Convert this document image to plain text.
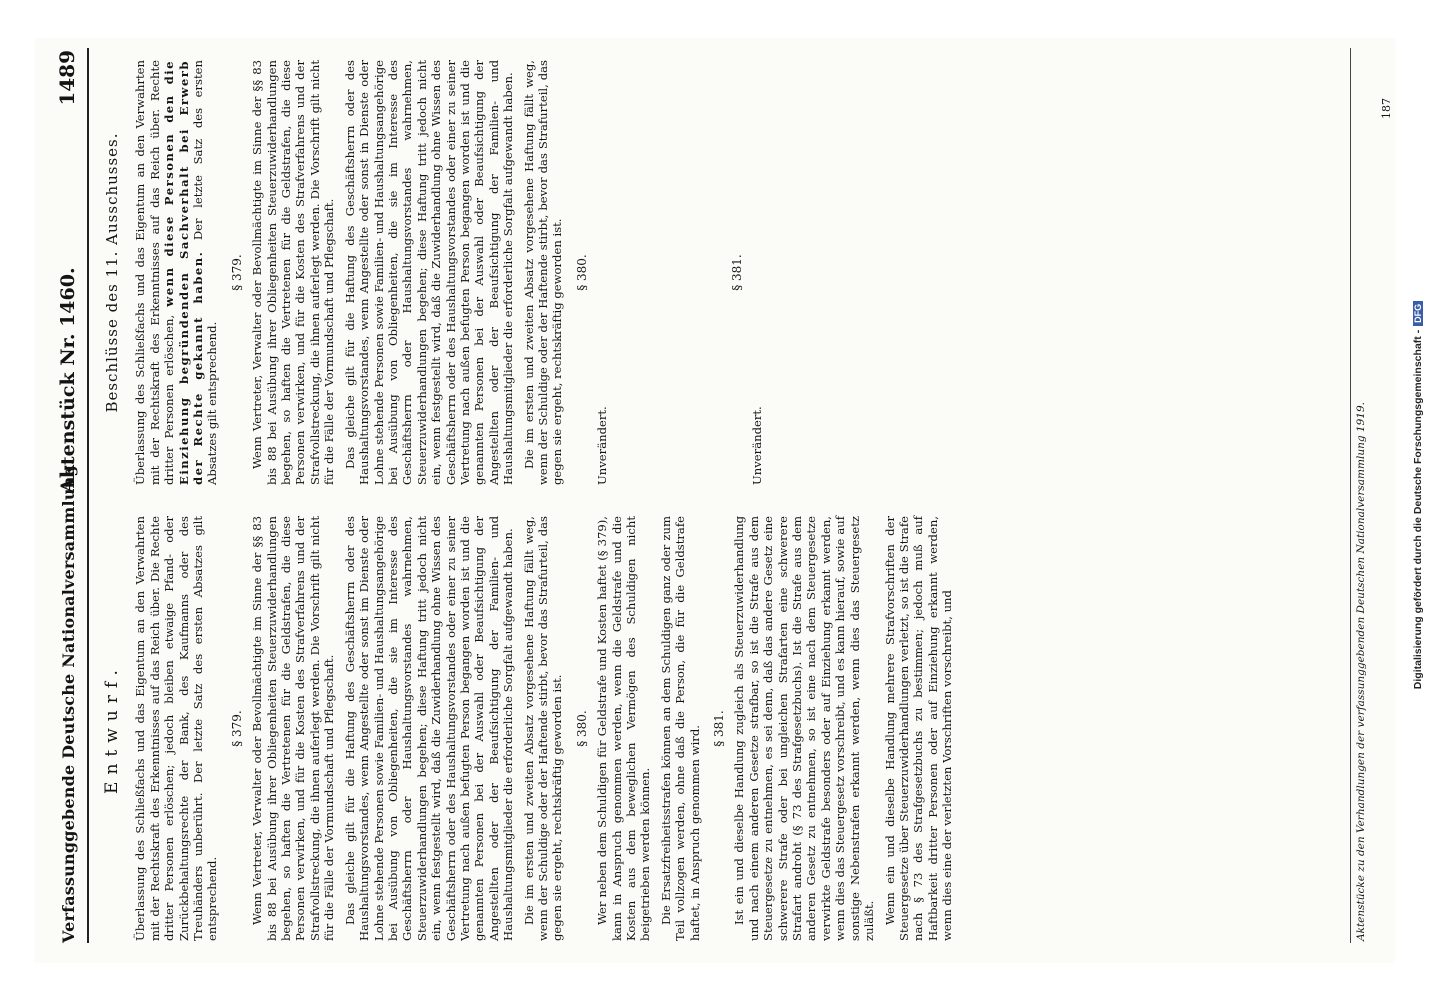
Verfassunggebende Deutsche Nationalversammlung.
Aktenstück Nr. 1460.
1489
Entwurf. Überlassung des Schließfachs und das Eigentum an den Verwahrten mit der Rechtskraft des Erkenntnisses auf das Reich über. Die Rechte dritter Personen erlöschen; jedoch bleiben etwaige Pfand- oder Zurückbehaltungsrechte der Bank, des Kaufmanns oder des Treuhänders unberührt. Der letzte Satz des ersten Absatzes gilt entsprechend.

§ 379. Wenn Vertreter, Verwalter oder Bevollmächtigte im Sinne der §§ 83 bis 88 bei Ausübung ihrer Obliegenheiten Steuerzuwiderhandlungen begehen, so haften die Vertretenen für die Geldstrafen, die diese Personen verwirken, und für die Kosten des Strafverfahrens und der Strafvollstreckung, die ihnen auferlegt werden. Die Vorschrift gilt nicht für die Fälle der Vormundschaft und Pflegschaft. Das gleiche gilt für die Haftung des Geschäftsherrn oder des Haushaltungsvorstandes, wenn Angestellte oder sonst im Dienste oder Lohne stehende Personen sowie Familien- und Haushaltungsangehörige bei Ausübung von Obliegenheiten, die sie im Interesse des Geschäftsherrn oder Haushaltungsvorstandes wahrnehmen, Steuerzuwiderhandlungen begehen; diese Haftung tritt jedoch nicht ein, wenn festgestellt wird, daß die Zuwiderhandlung ohne Wissen des Geschäftsherrn oder des Haushaltungsvorstandes oder einer zu seiner Vertretung nach außen befugten Person begangen worden ist und die genannten Personen bei der Auswahl oder Beaufsichtigung der Angestellten oder der Beaufsichtigung der Familien- und Haushaltungsmitglieder die erforderliche Sorgfalt aufgewandt haben. Die im ersten und zweiten Absatz vorgesehene Haftung fällt weg, wenn der Schuldige oder der Haftende stirbt, bevor das Strafurteil, das gegen sie ergeht, rechtskräftig geworden ist. § 380. Wer neben dem Schuldigen für Geldstrafe und Kosten haftet (§ 379), kann in Anspruch genommen werden, wenn die Geldstrafe und die Kosten aus dem beweglichen Vermögen des Schuldigen nicht beigetrieben werden können. Die Ersatzfreiheitsstrafen können an dem Schuldigen ganz oder zum Teil vollzogen werden, ohne daß die Person, die für die Geldstrafe haftet, in Anspruch genommen wird. § 381. Ist ein und dieselbe Handlung zugleich als Steuerzuwiderhandlung und nach einem anderen Gesetze strafbar, so ist die Strafe aus dem Steuergesetze zu entnehmen, es sei denn, daß das andere Gesetz eine schwerere Strafe oder bei ungleichen Strafarten eine schwerere Strafart androht (§ 73 des Strafgesetzbuchs). Ist die Strafe aus dem anderen Gesetz zu entnehmen, so ist eine nach dem Steuergesetze verwirkte Geldstrafe besonders oder auf Einziehung erkannt werden, wenn dies das Steuergesetz vorschreibt, und es kann hierauf, sowie auf sonstige Nebenstrafen erkannt werden, wenn dies das Steuergesetz zuläßt. Wenn ein und dieselbe Handlung mehrere Strafvorschriften der Steuergesetze über Steuerzuwiderhandlungen verletzt, so ist die Strafe nach § 73 des Strafgesetzbuchs zu bestimmen; jedoch muß auf Haftbarkeit dritter Personen oder auf Einziehung erkannt werden, wenn dies eine der verletzten Vorschriften vorschreibt, und

Beschlüsse des 11. Ausschusses. Überlassung des Schließfachs und das Eigentum an den Verwahrten mit der Rechtskraft des Erkenntnisses auf das Reich über. Rechte dritter Personen erlöschen, wenn diese Personen den die Einziehung begründenden Sachverhalt bei Erwerb der Rechte gekannt haben. Der letzte Satz des ersten Absatzes gilt entsprechend.

§ 379. Wenn Vertreter, Verwalter oder Bevollmächtigte im Sinne der §§ 83 bis 88 bei Ausübung ihrer Obliegenheiten Steuerzuwiderhandlungen begehen, so haften die Vertretenen für die Geldstrafen, die diese Personen verwirken, und für die Kosten des Strafverfahrens und der Strafvollstreckung, die ihnen auferlegt werden. Die Vorschrift gilt nicht für die Fälle der Vormundschaft und Pflegschaft. Das gleiche gilt für die Haftung des Geschäftsherrn oder des Haushaltungsvorstandes, wenn Angestellte oder sonst in Dienste oder Lohne stehende Personen sowie Familien- und Haushaltungsangehörige bei Ausübung von Obliegenheiten, die sie im Interesse des Geschäftsherrn oder Haushaltungsvorstandes wahrnehmen, Steuerzuwiderhandlungen begehen; diese Haftung tritt jedoch nicht ein, wenn festgestellt wird, daß die Zuwiderhandlung ohne Wissen des Geschäftsherrn oder des Haushaltungsvorstandes oder einer zu seiner Vertretung nach außen befugten Person begangen worden ist und die genannten Personen bei der Auswahl oder Beaufsichtigung der Angestellten oder der Beaufsichtigung der Familien- und Haushaltungsmitglieder die erforderliche Sorgfalt aufgewandt haben. Die im ersten und zweiten Absatz vorgesehene Haftung fällt weg, wenn der Schuldige oder der Haftende stirbt, bevor das Strafurteil, das gegen sie ergeht, rechtskräftig geworden ist. § 380.

Unverändert.

§ 381.

Unverändert.	Aktenstücke zu den Verhandlungen der verfassunggebenden Deutschen Nationalversammlung 1919.
187
Digitalisierung gefördert durch die Deutsche Forschungsgemeinschaft -DFG
